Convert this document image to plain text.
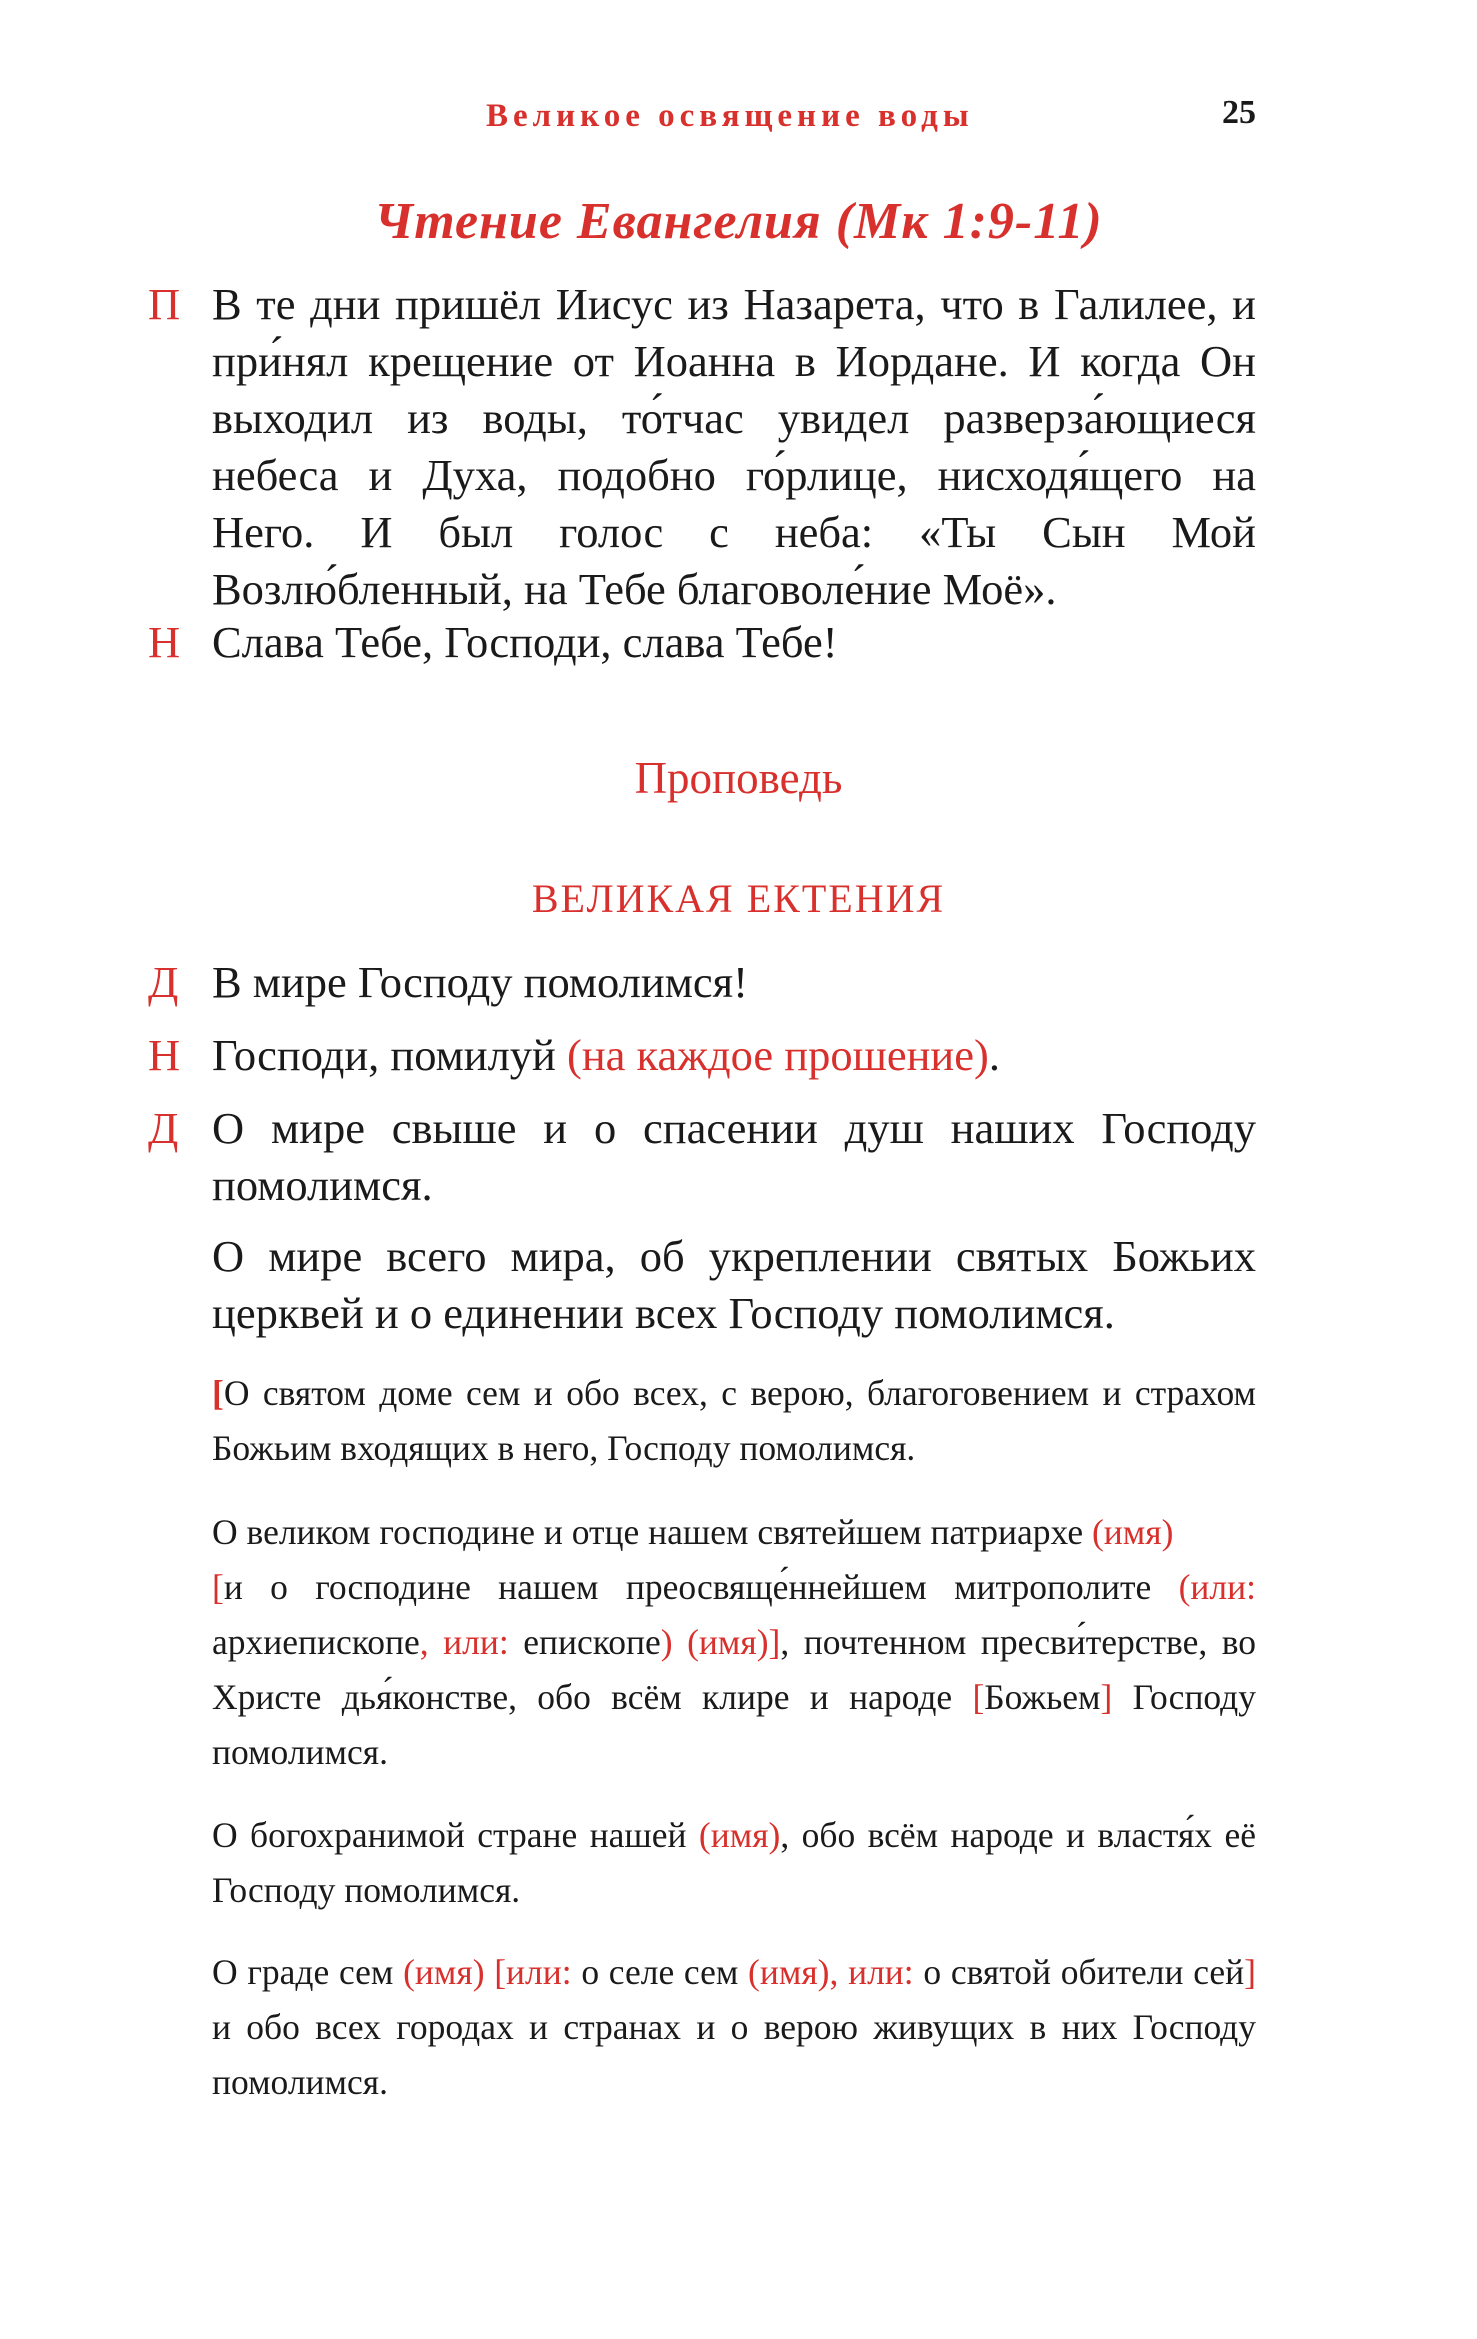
Великое освящение воды	25
Чтение Евангелия (Мк 1:9-11)
П В те дни пришёл Иисус из Назарета, что в Галилее, и при́нял крещение от Иоанна в Иордане. И когда Он выходил из воды, то́тчас увидел разверза́ющиеся небеса и Духа, подобно го́рлице, нисходя́щего на Него. И был голос с неба: «Ты Сын Мой Возлю́бленный, на Тебе благоволе́ние Моё».
Н Слава Тебе, Господи, слава Тебе!
Проповедь
ВЕЛИКАЯ ЕКТЕНИЯ
Д В мире Господу помолимся!
Н Господи, помилуй (на каждое прошение).
Д О мире свыше и о спасении душ наших Господу помолимся.
О мире всего мира, об укреплении святых Божьих церквей и о единении всех Господу помолимся.
[О святом доме сем и обо всех, с верою, благоговением и страхом Божьим входящих в него, Господу помолимся.
О великом господине и отце нашем святейшем патриархе (имя)
[и о господине нашем преосвяще́ннейшем митрополите (или: архиепископе, или: епископе) (имя)], почтенном пресви́терстве, во Христе дья́констве, обо всём клире и народе [Божьем] Господу помолимся.
О богохранимой стране нашей (имя), обо всём народе и властя́х её Господу помолимся.
О граде сем (имя) [или: о селе сем (имя), или: о святой обители сей] и обо всех городах и странах и о верою живущих в них Господу помолимся.
